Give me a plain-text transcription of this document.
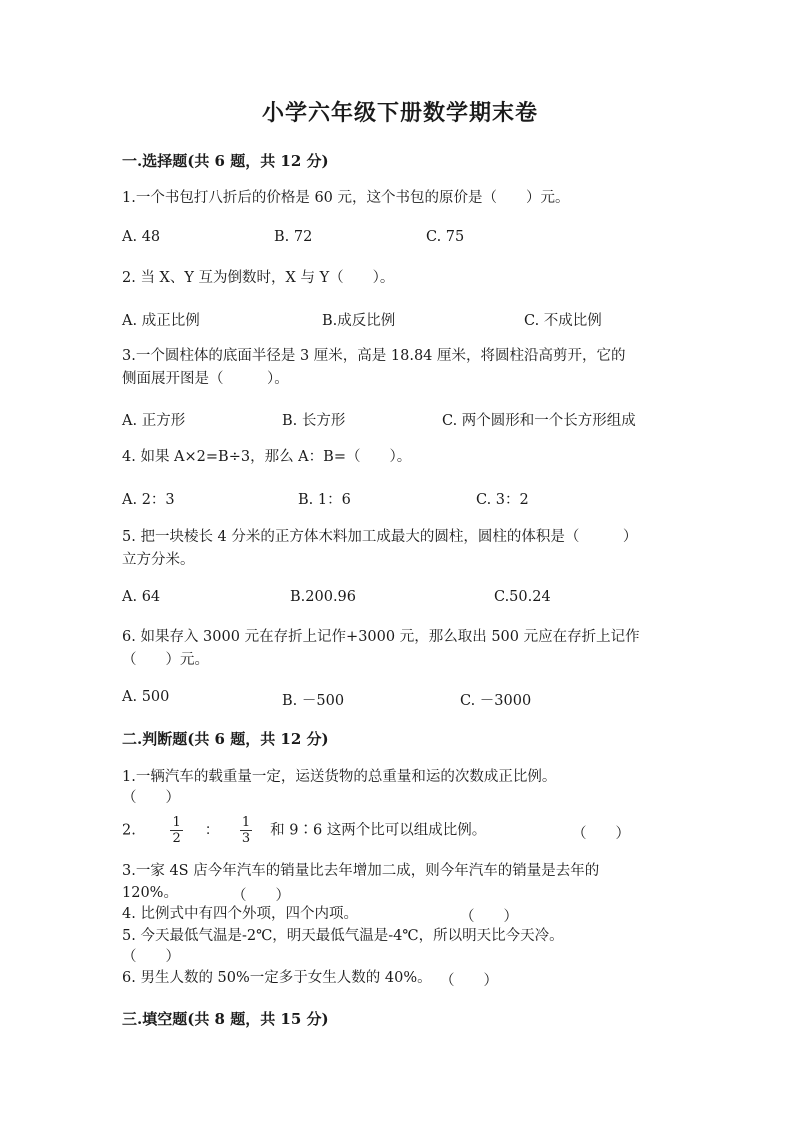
小学六年级下册数学期末卷
一.选择题(共 6 题，共 12 分)
1.一个书包打八折后的价格是 60 元，这个书包的原价是（　　）元。
A. 48	B. 72	C. 75
2. 当 X、Y 互为倒数时，X 与 Y（　　）。
A. 成正比例	B.成反比例	C. 不成比例
3.一个圆柱体的底面半径是 3 厘米，高是 18.84 厘米，将圆柱沿高剪开，它的
侧面展开图是（　　　）。
A. 正方形	B. 长方形	C. 两个圆形和一个长方形组成
4. 如果 A×2=B÷3，那么 A：B=（　　）。
A. 2：3	B. 1：6	C. 3：2
5. 把一块棱长 4 分米的正方体木料加工成最大的圆柱，圆柱的体积是（　　　）
立方分米。
A. 64	B.200.96	C.50.24
6. 如果存入 3000 元在存折上记作+3000 元，那么取出 500 元应在存折上记作
（　　）元。
A. 500	B. －500	C. －3000
二.判断题(共 6 题，共 12 分)
1.一辆汽车的载重量一定，运送货物的总重量和运的次数成正比例。
（　　）
2.	$\frac{1}{2}$ ： $\frac{1}{3}$ 和 9∶6 这两个比可以组成比例。	（　　）
3.一家 4S 店今年汽车的销量比去年增加二成，则今年汽车的销量是去年的
120%。	（　　）
4. 比例式中有四个外项，四个内项。	（　　）
5. 今天最低气温是-2℃，明天最低气温是-4℃，所以明天比今天冷。
（　　）
6. 男生人数的 50%一定多于女生人数的 40%。 （　　）
三.填空题(共 8 题，共 15 分)
